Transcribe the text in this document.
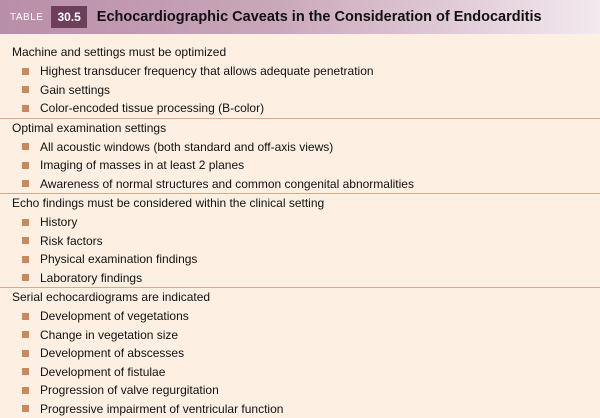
TABLE	30.5	Echocardiographic Caveats in the Consideration of Endocarditis
Machine and settings must be optimized
Highest transducer frequency that allows adequate penetration
Gain settings
Color-encoded tissue processing (B-color)
Optimal examination settings
All acoustic windows (both standard and off-axis views)
Imaging of masses in at least 2 planes
Awareness of normal structures and common congenital abnormalities
Echo findings must be considered within the clinical setting
History
Risk factors
Physical examination findings
Laboratory findings
Serial echocardiograms are indicated
Development of vegetations
Change in vegetation size
Development of abscesses
Development of fistulae
Progression of valve regurgitation
Progressive impairment of ventricular function
